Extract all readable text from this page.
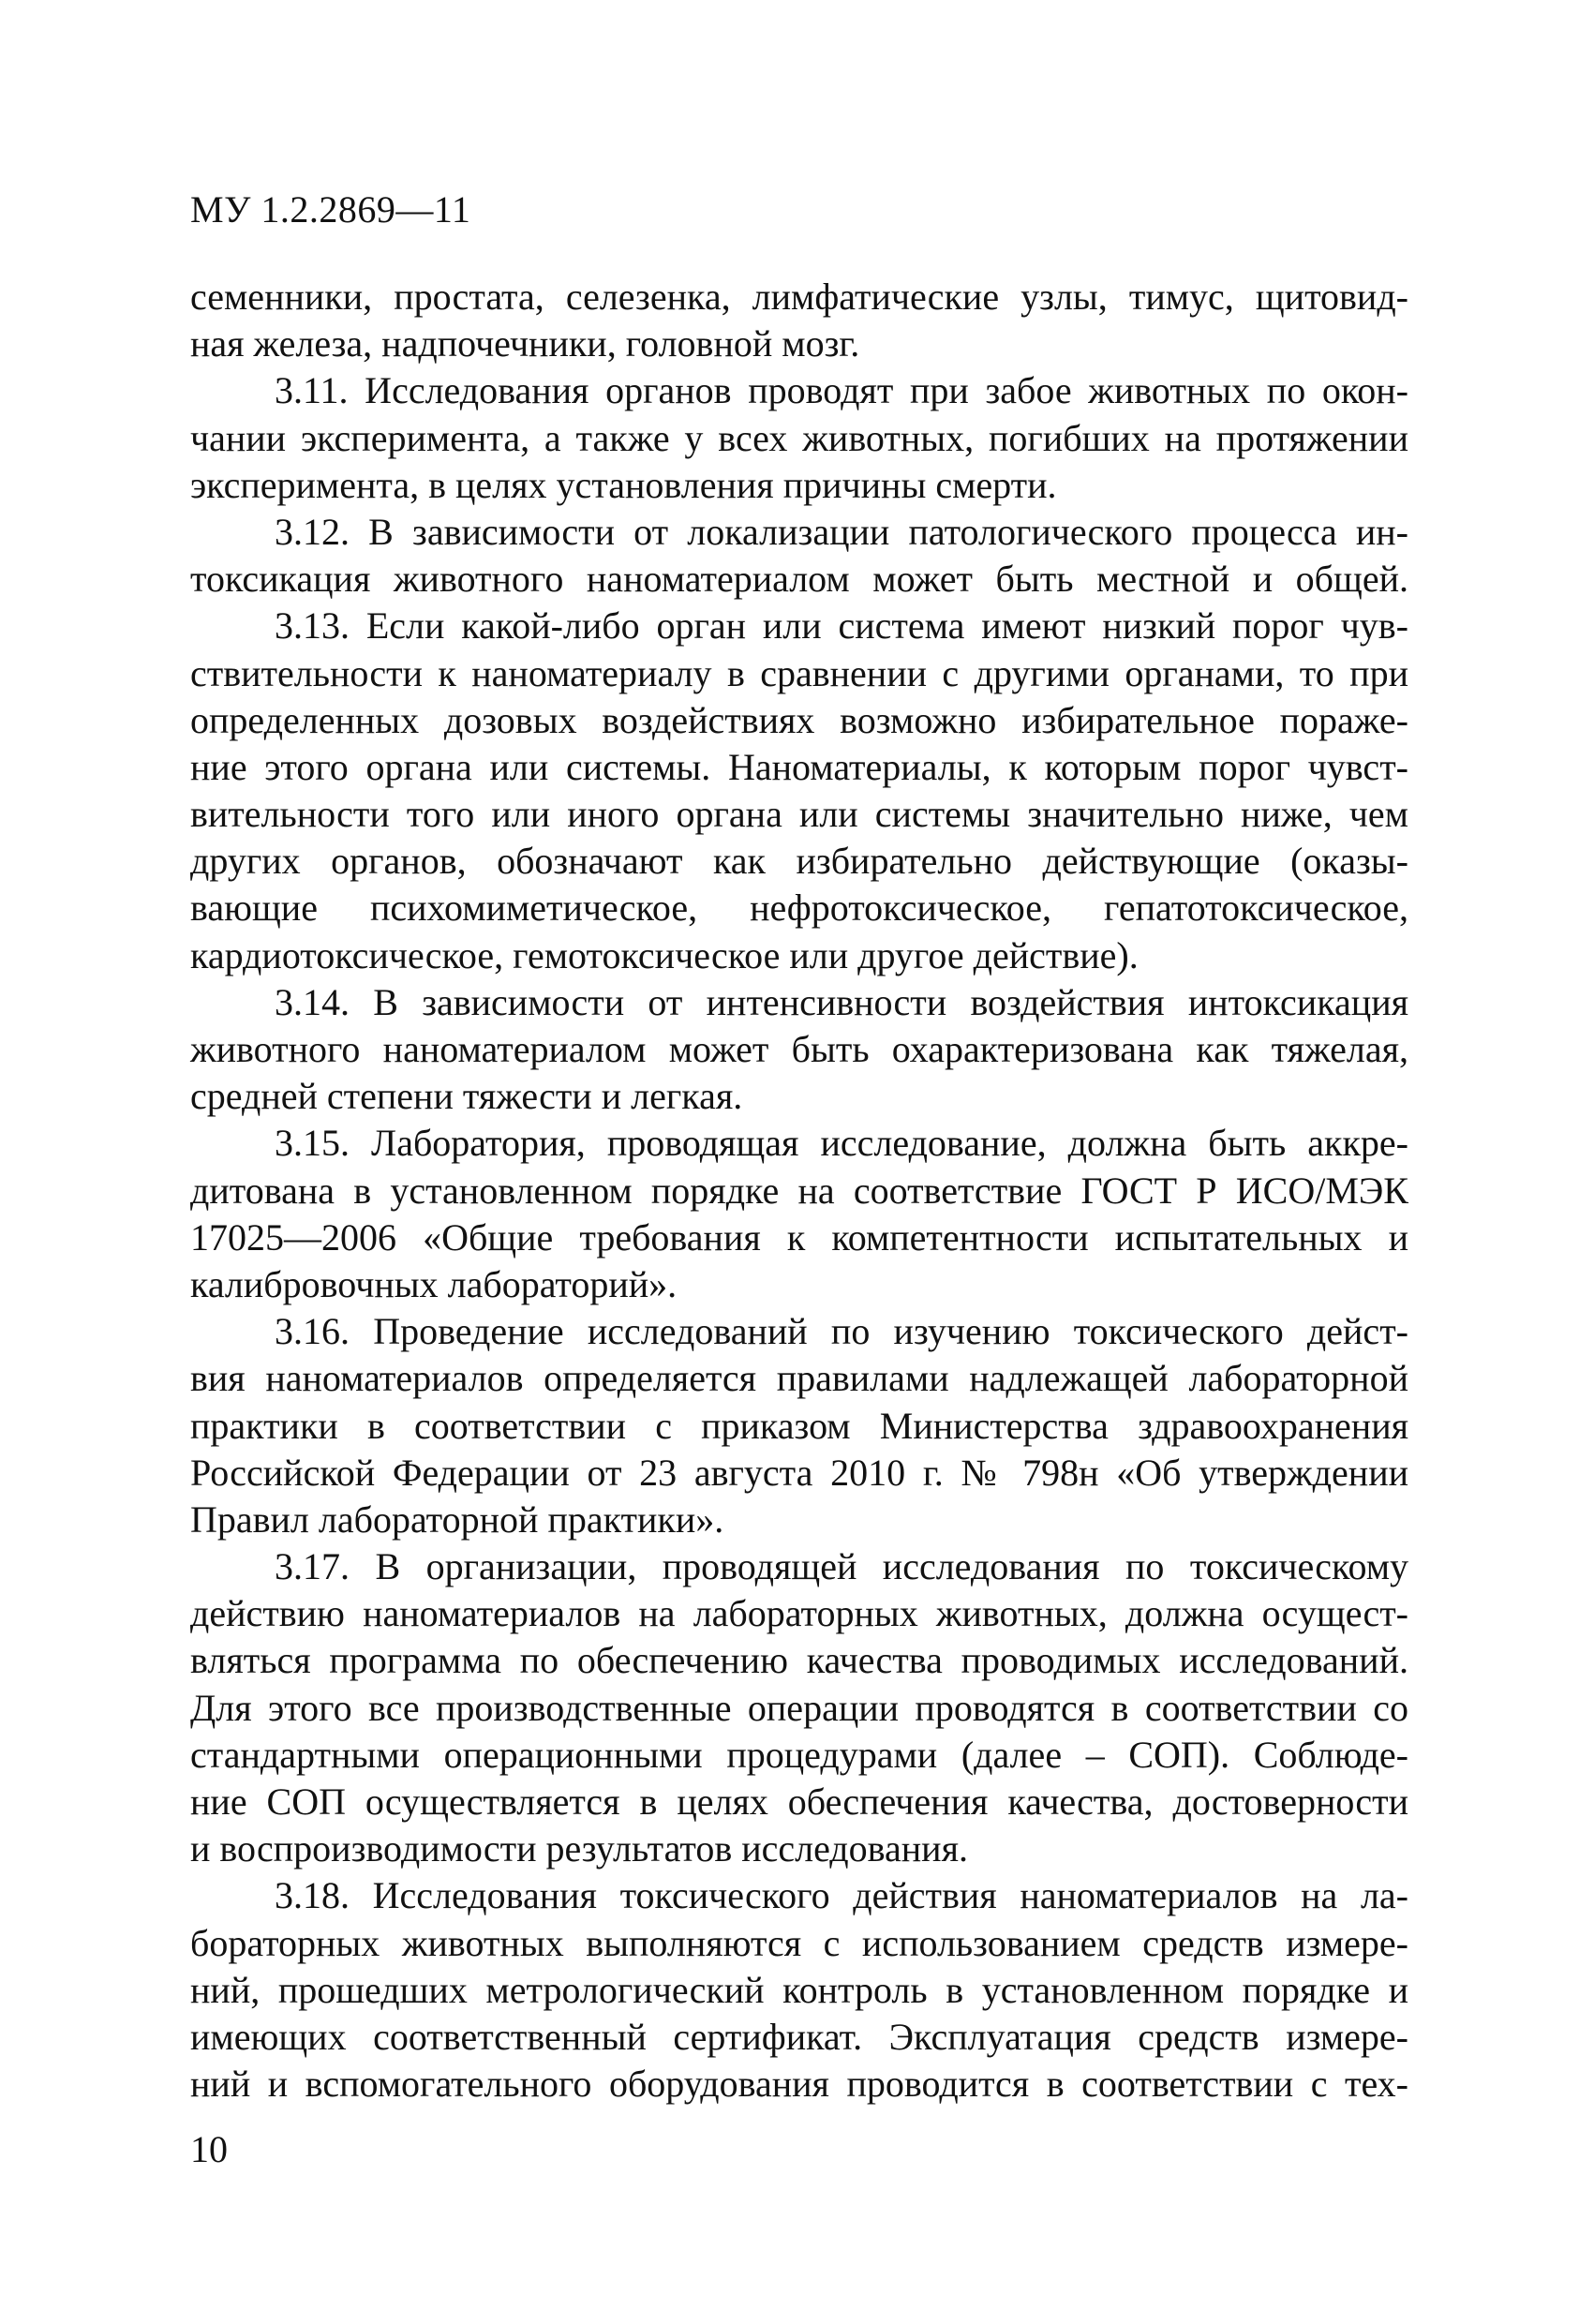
МУ 1.2.2869—11
семенники, простата, селезенка, лимфатические узлы, тимус, щитовид-
ная железа, надпочечники, головной мозг.
3.11. Исследования органов проводят при забое животных по окон-
чании эксперимента, а также у всех животных, погибших на протяжении
эксперимента, в целях установления причины смерти.
3.12. В зависимости от локализации патологического процесса ин-
токсикация животного наноматериалом может быть местной и общей.
3.13. Если какой-либо орган или система имеют низкий порог чув-
ствительности к наноматериалу в сравнении с другими органами, то при
определенных дозовых воздействиях возможно избирательное пораже-
ние этого органа или системы. Наноматериалы, к которым порог чувст-
вительности того или иного органа или системы значительно ниже, чем
других органов, обозначают как избирательно действующие (оказы-
вающие психомиметическое, нефротоксическое, гепатотоксическое,
кардиотоксическое, гемотоксическое или другое действие).
3.14. В зависимости от интенсивности воздействия интоксикация
животного наноматериалом может быть охарактеризована как тяжелая,
средней степени тяжести и легкая.
3.15. Лаборатория, проводящая исследование, должна быть аккре-
дитована в установленном порядке на соответствие ГОСТ Р ИСО/МЭК
17025—2006 «Общие требования к компетентности испытательных и
калибровочных лабораторий».
3.16. Проведение исследований по изучению токсического дейст-
вия наноматериалов определяется правилами надлежащей лабораторной
практики в соответствии с приказом Министерства здравоохранения
Российской Федерации от 23 августа 2010 г. № 798н «Об утверждении
Правил лабораторной практики».
3.17. В организации, проводящей исследования по токсическому
действию наноматериалов на лабораторных животных, должна осущест-
вляться программа по обеспечению качества проводимых исследований.
Для этого все производственные операции проводятся в соответствии со
стандартными операционными процедурами (далее – СОП). Соблюде-
ние СОП осуществляется в целях обеспечения качества, достоверности
и воспроизводимости результатов исследования.
3.18. Исследования токсического действия наноматериалов на ла-
бораторных животных выполняются с использованием средств измере-
ний, прошедших метрологический контроль в установленном порядке и
имеющих соответственный сертификат. Эксплуатация средств измере-
ний и вспомогательного оборудования проводится в соответствии с тех-
10
